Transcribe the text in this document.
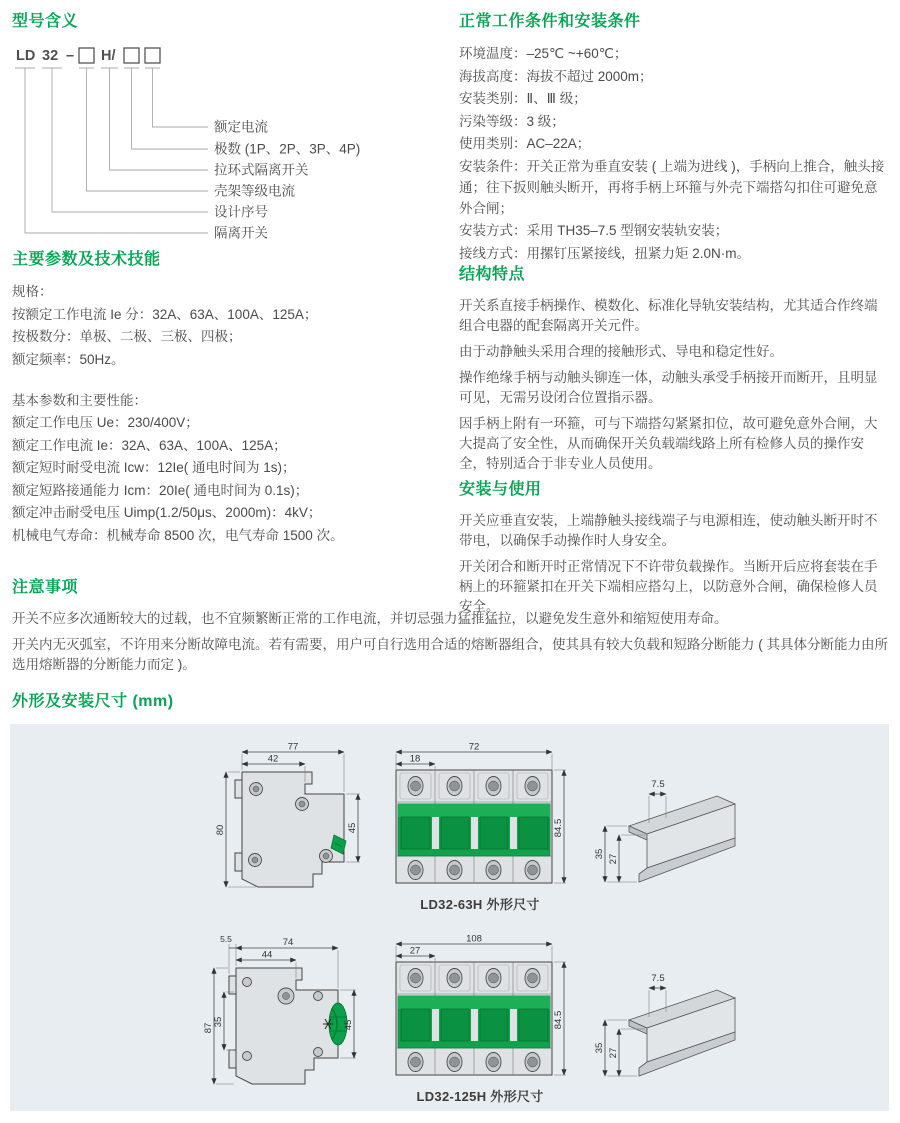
型号含义
LD 32 – H/
额定电流
极数 (1P、2P、3P、4P)
拉环式隔离开关
壳架等级电流
设计序号
隔离开关
主要参数及技术技能

规格：

按额定工作电流 Ie 分：32A、63A、100A、125A；

按极数分：单极、二极、三极、四极；

额定频率：50Hz。

基本参数和主要性能：

额定工作电压 Ue：230/400V；

额定工作电流 Ie：32A、63A、100A、125A；

额定短时耐受电流 Icw：12Ie( 通电时间为 1s)；

额定短路接通能力 Icm：20Ie( 通电时间为 0.1s)；

额定冲击耐受电压 Uimp(1.2/50μs、2000m)：4kV；

机械电气寿命：机械寿命 8500 次，电气寿命 1500 次。

正常工作条件和安装条件

环境温度：–25℃ ~+60℃；

海拔高度：海拔不超过 2000m；

安装类别：Ⅱ、Ⅲ 级；

污染等级：3 级；

使用类别：AC–22A；

安装条件：开关正常为垂直安装 ( 上端为进线 )，手柄向上推合，触头接通；往下扳则触头断开，再将手柄上环箍与外壳下端搭勾扣住可避免意外合闸；

安装方式：采用 TH35–7.5 型钢安装轨安装；

接线方式：用摞钉压紧接线，扭紧力矩 2.0N·m。

结构特点

开关系直接手柄操作、模数化、标准化导轨安装结构，尤其适合作终端组合电器的配套隔离开关元件。

由于动静触头采用合理的接触形式、导电和稳定性好。

操作绝缘手柄与动触头铆连一体，动触头承受手柄接开而断开，且明显可见，无需另设闭合位置指示器。

因手柄上附有一环箍，可与下端搭勾紧紧扣位，故可避免意外合闸，大大提高了安全性，从而确保开关负载端线路上所有检修人员的操作安全，特别适合于非专业人员使用。

安装与使用

开关应垂直安装，上端静触头接线端子与电源相连，使动触头断开时不带电，以确保手动操作时人身安全。

开关闭合和断开时正常情况下不许带负载操作。当断开后应将套装在手柄上的环箍紧扣在开关下端相应搭勾上，以防意外合闸，确保检修人员安全。

注意事项

开关不应多次通断较大的过载，也不宜频繁断正常的工作电流，并切忌强力猛推猛拉，以避免发生意外和缩短使用寿命。

开关内无灭弧室，不许用来分断故障电流。若有需要，用户可自行选用合适的熔断器组合，使其具有较大负载和短路分断能力 ( 其具体分断能力由所选用熔断器的分断能力而定 )。

外形及安装尺寸 (mm)
77
42
80	45
72
18
84.5
7.5
35 27
LD32-63H 外形尺寸
5.5	74
44
87
35	45
108
27
84.5
7.5
35 27
LD32-125H 外形尺寸
